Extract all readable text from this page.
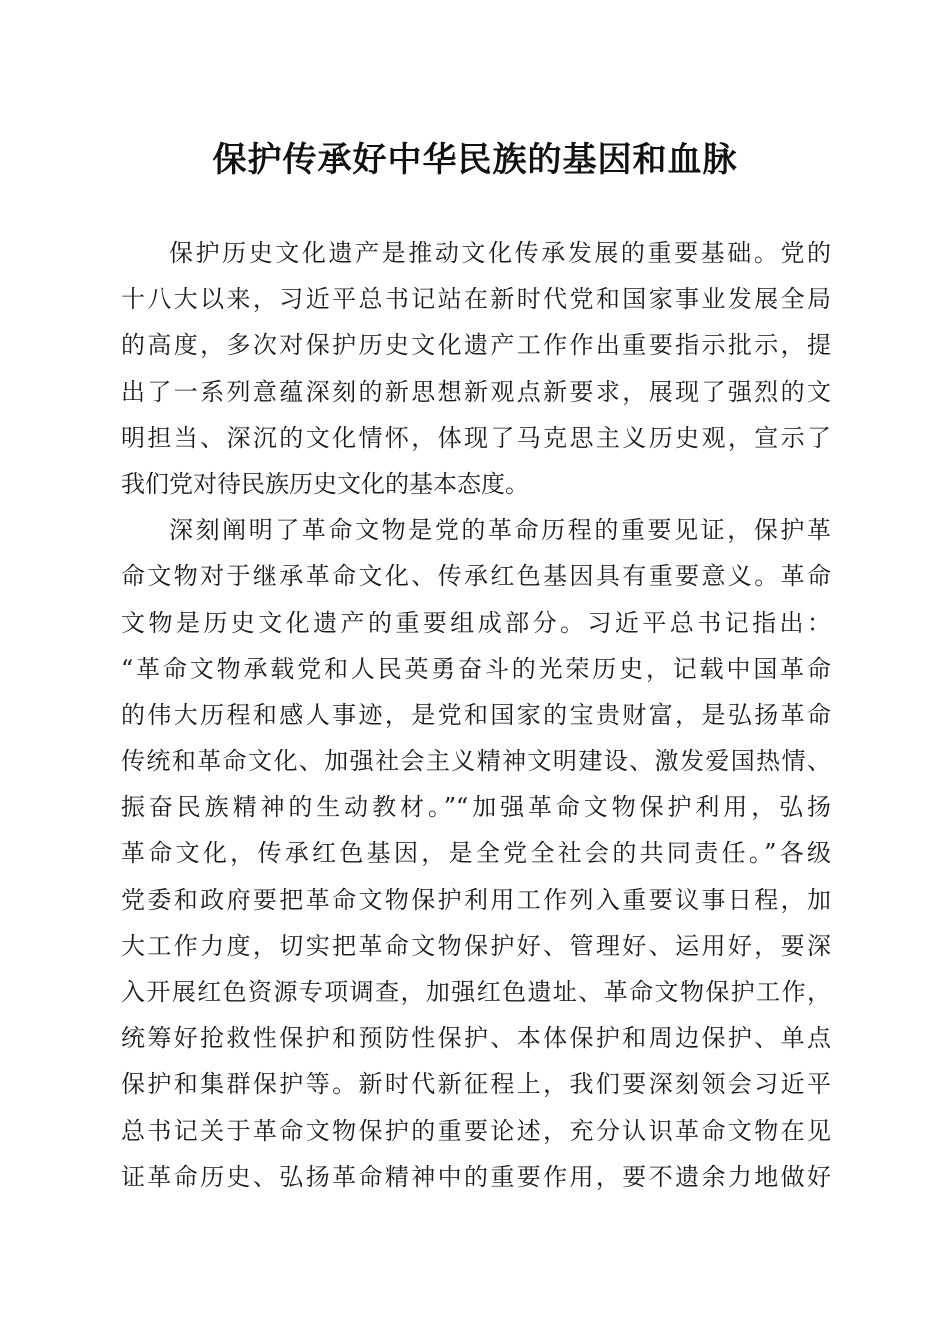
保护传承好中华民族的基因和血脉
保护历史文化遗产是推动文化传承发展的重要基础。党的
十八大以来，习近平总书记站在新时代党和国家事业发展全局
的高度，多次对保护历史文化遗产工作作出重要指示批示，提
出了一系列意蕴深刻的新思想新观点新要求，展现了强烈的文
明担当、深沉的文化情怀，体现了马克思主义历史观，宣示了
我们党对待民族历史文化的基本态度。
深刻阐明了革命文物是党的革命历程的重要见证，保护革
命文物对于继承革命文化、传承红色基因具有重要意义。革命
文物是历史文化遗产的重要组成部分。习近平总书记指出：
“革命文物承载党和人民英勇奋斗的光荣历史，记载中国革命
的伟大历程和感人事迹，是党和国家的宝贵财富，是弘扬革命
传统和革命文化、加强社会主义精神文明建设、激发爱国热情、
振奋民族精神的生动教材。”“加强革命文物保护利用，弘扬
革命文化，传承红色基因，是全党全社会的共同责任。”各级
党委和政府要把革命文物保护利用工作列入重要议事日程，加
大工作力度，切实把革命文物保护好、管理好、运用好，要深
入开展红色资源专项调查，加强红色遗址、革命文物保护工作，
统筹好抢救性保护和预防性保护、本体保护和周边保护、单点
保护和集群保护等。新时代新征程上，我们要深刻领会习近平
总书记关于革命文物保护的重要论述，充分认识革命文物在见
证革命历史、弘扬革命精神中的重要作用，要不遗余力地做好
